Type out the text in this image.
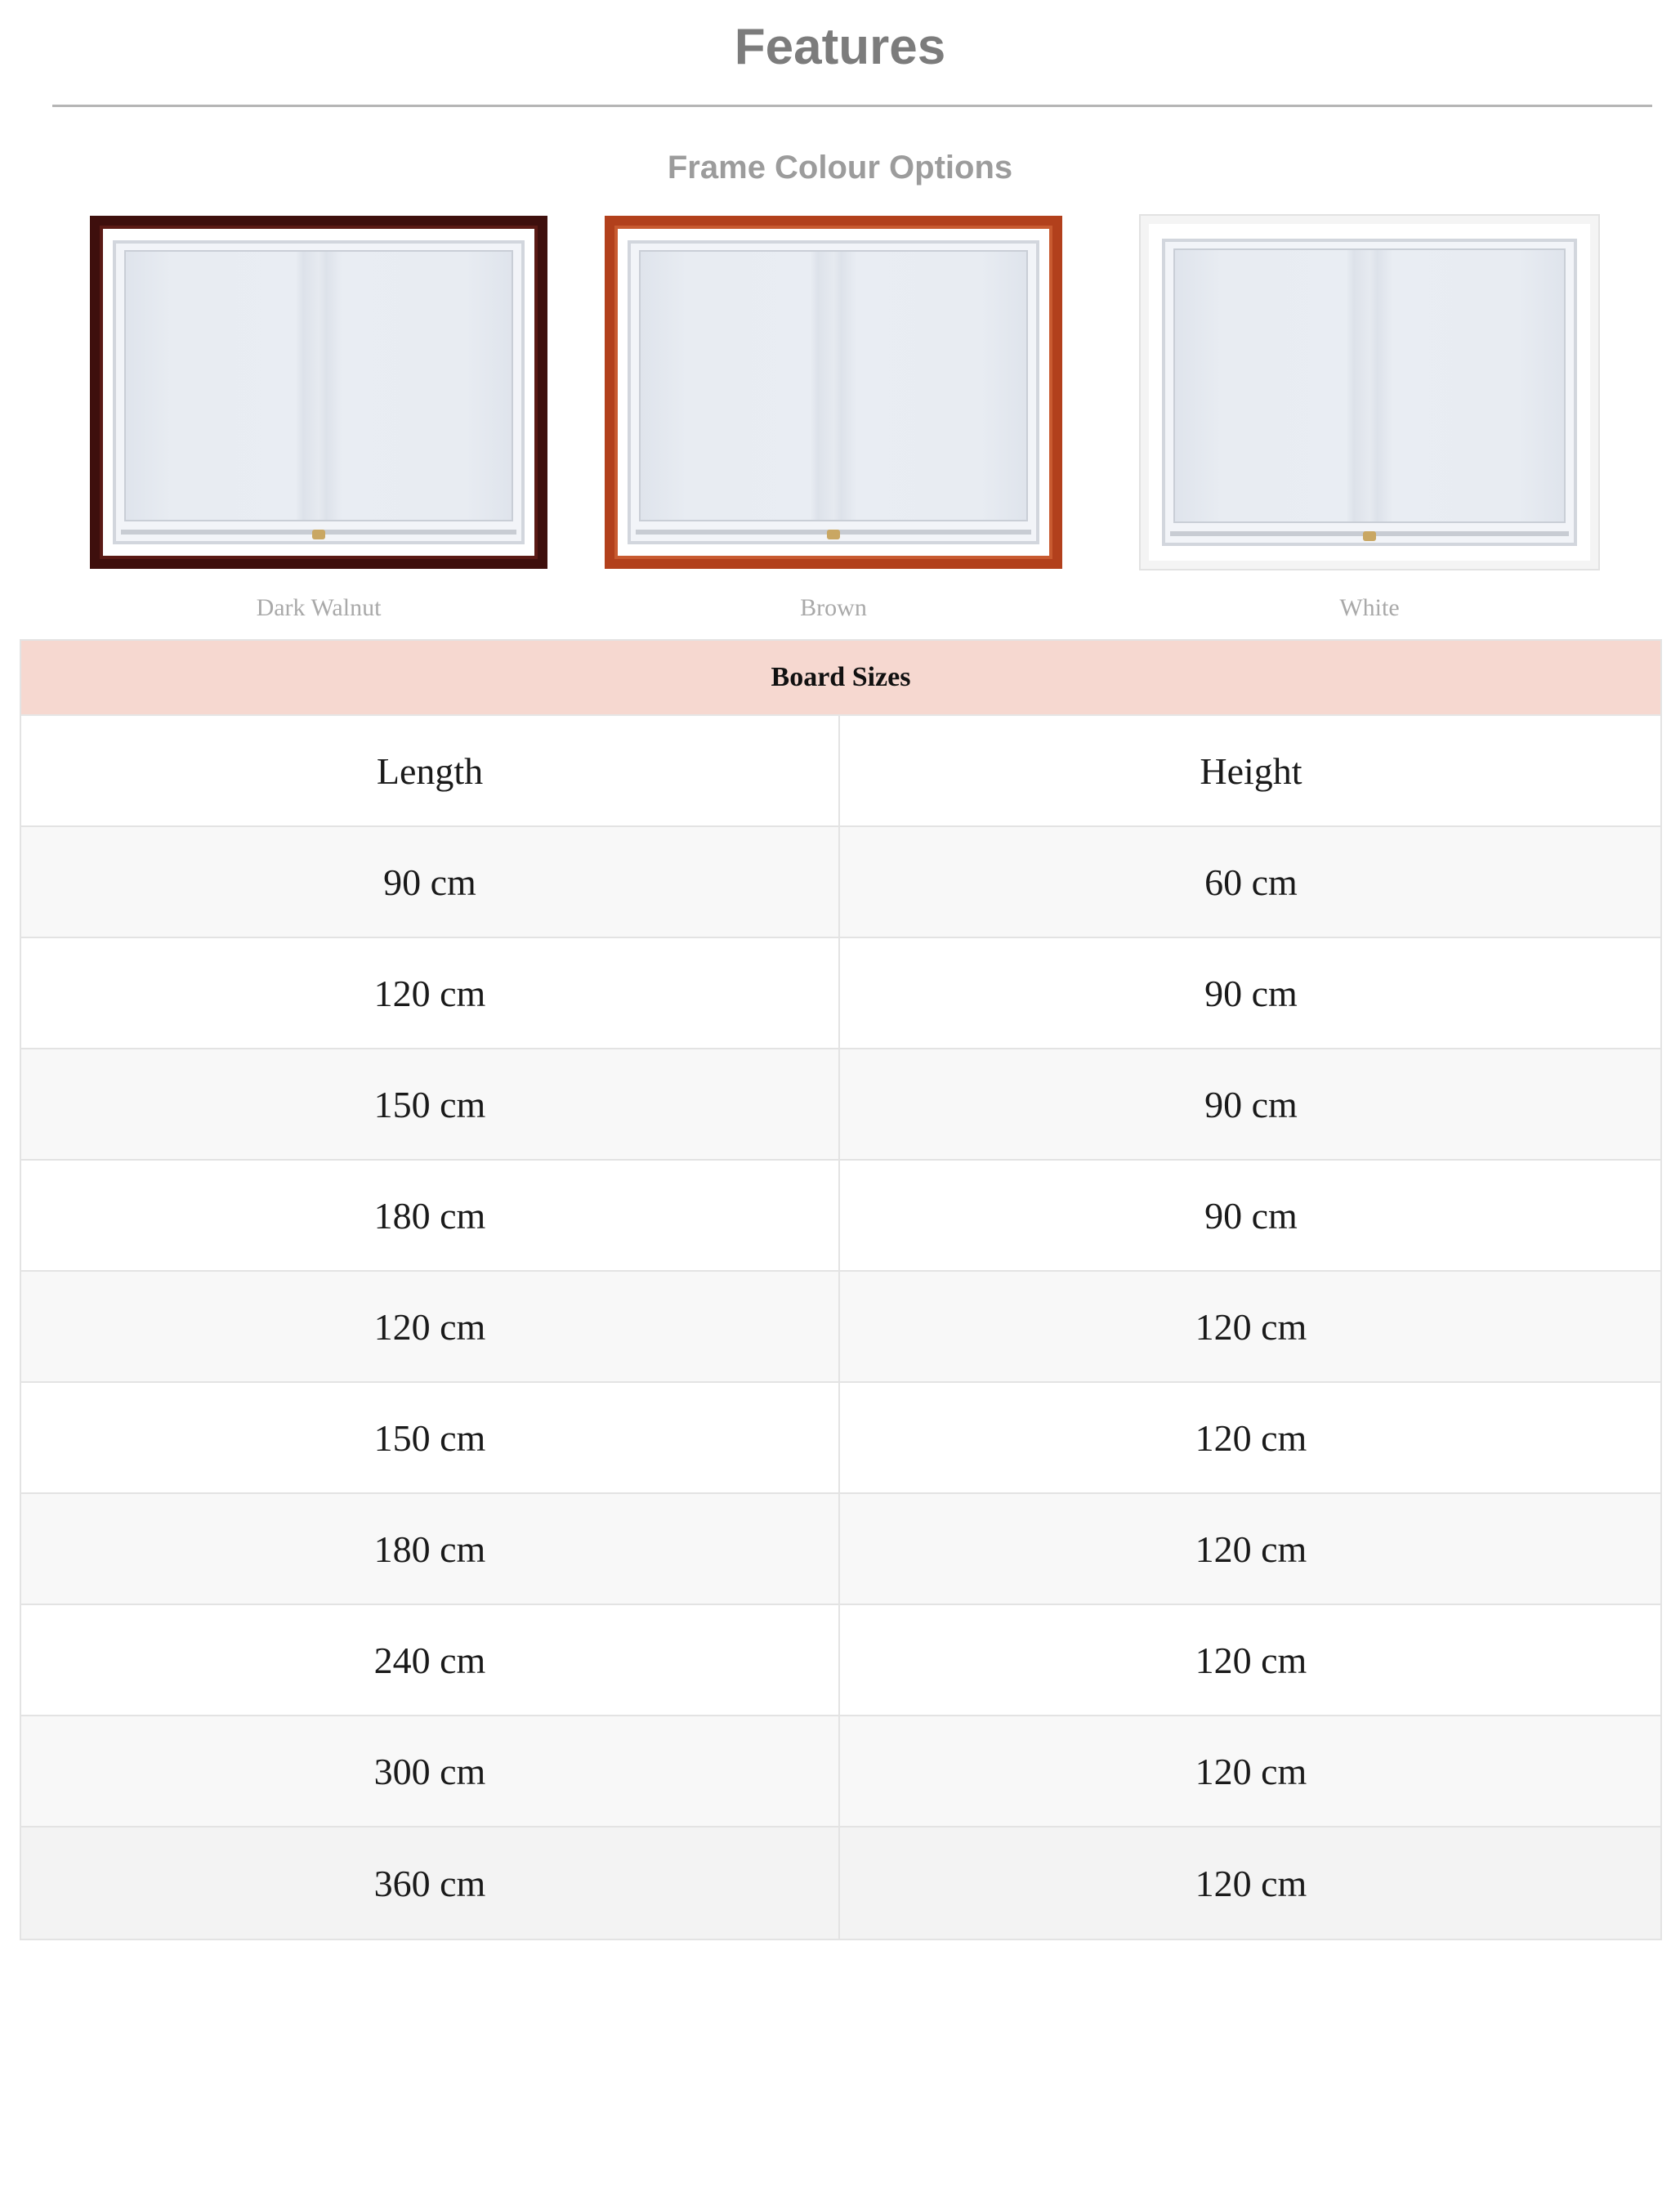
Features
Frame Colour Options
Dark Walnut	Brown	White
Board Sizes
Length	Height
90 cm	60 cm
120 cm	90 cm
150 cm	90 cm
180 cm	90 cm
120 cm	120 cm
150 cm	120 cm
180 cm	120 cm
240 cm	120 cm
300 cm	120 cm
360 cm	120 cm
